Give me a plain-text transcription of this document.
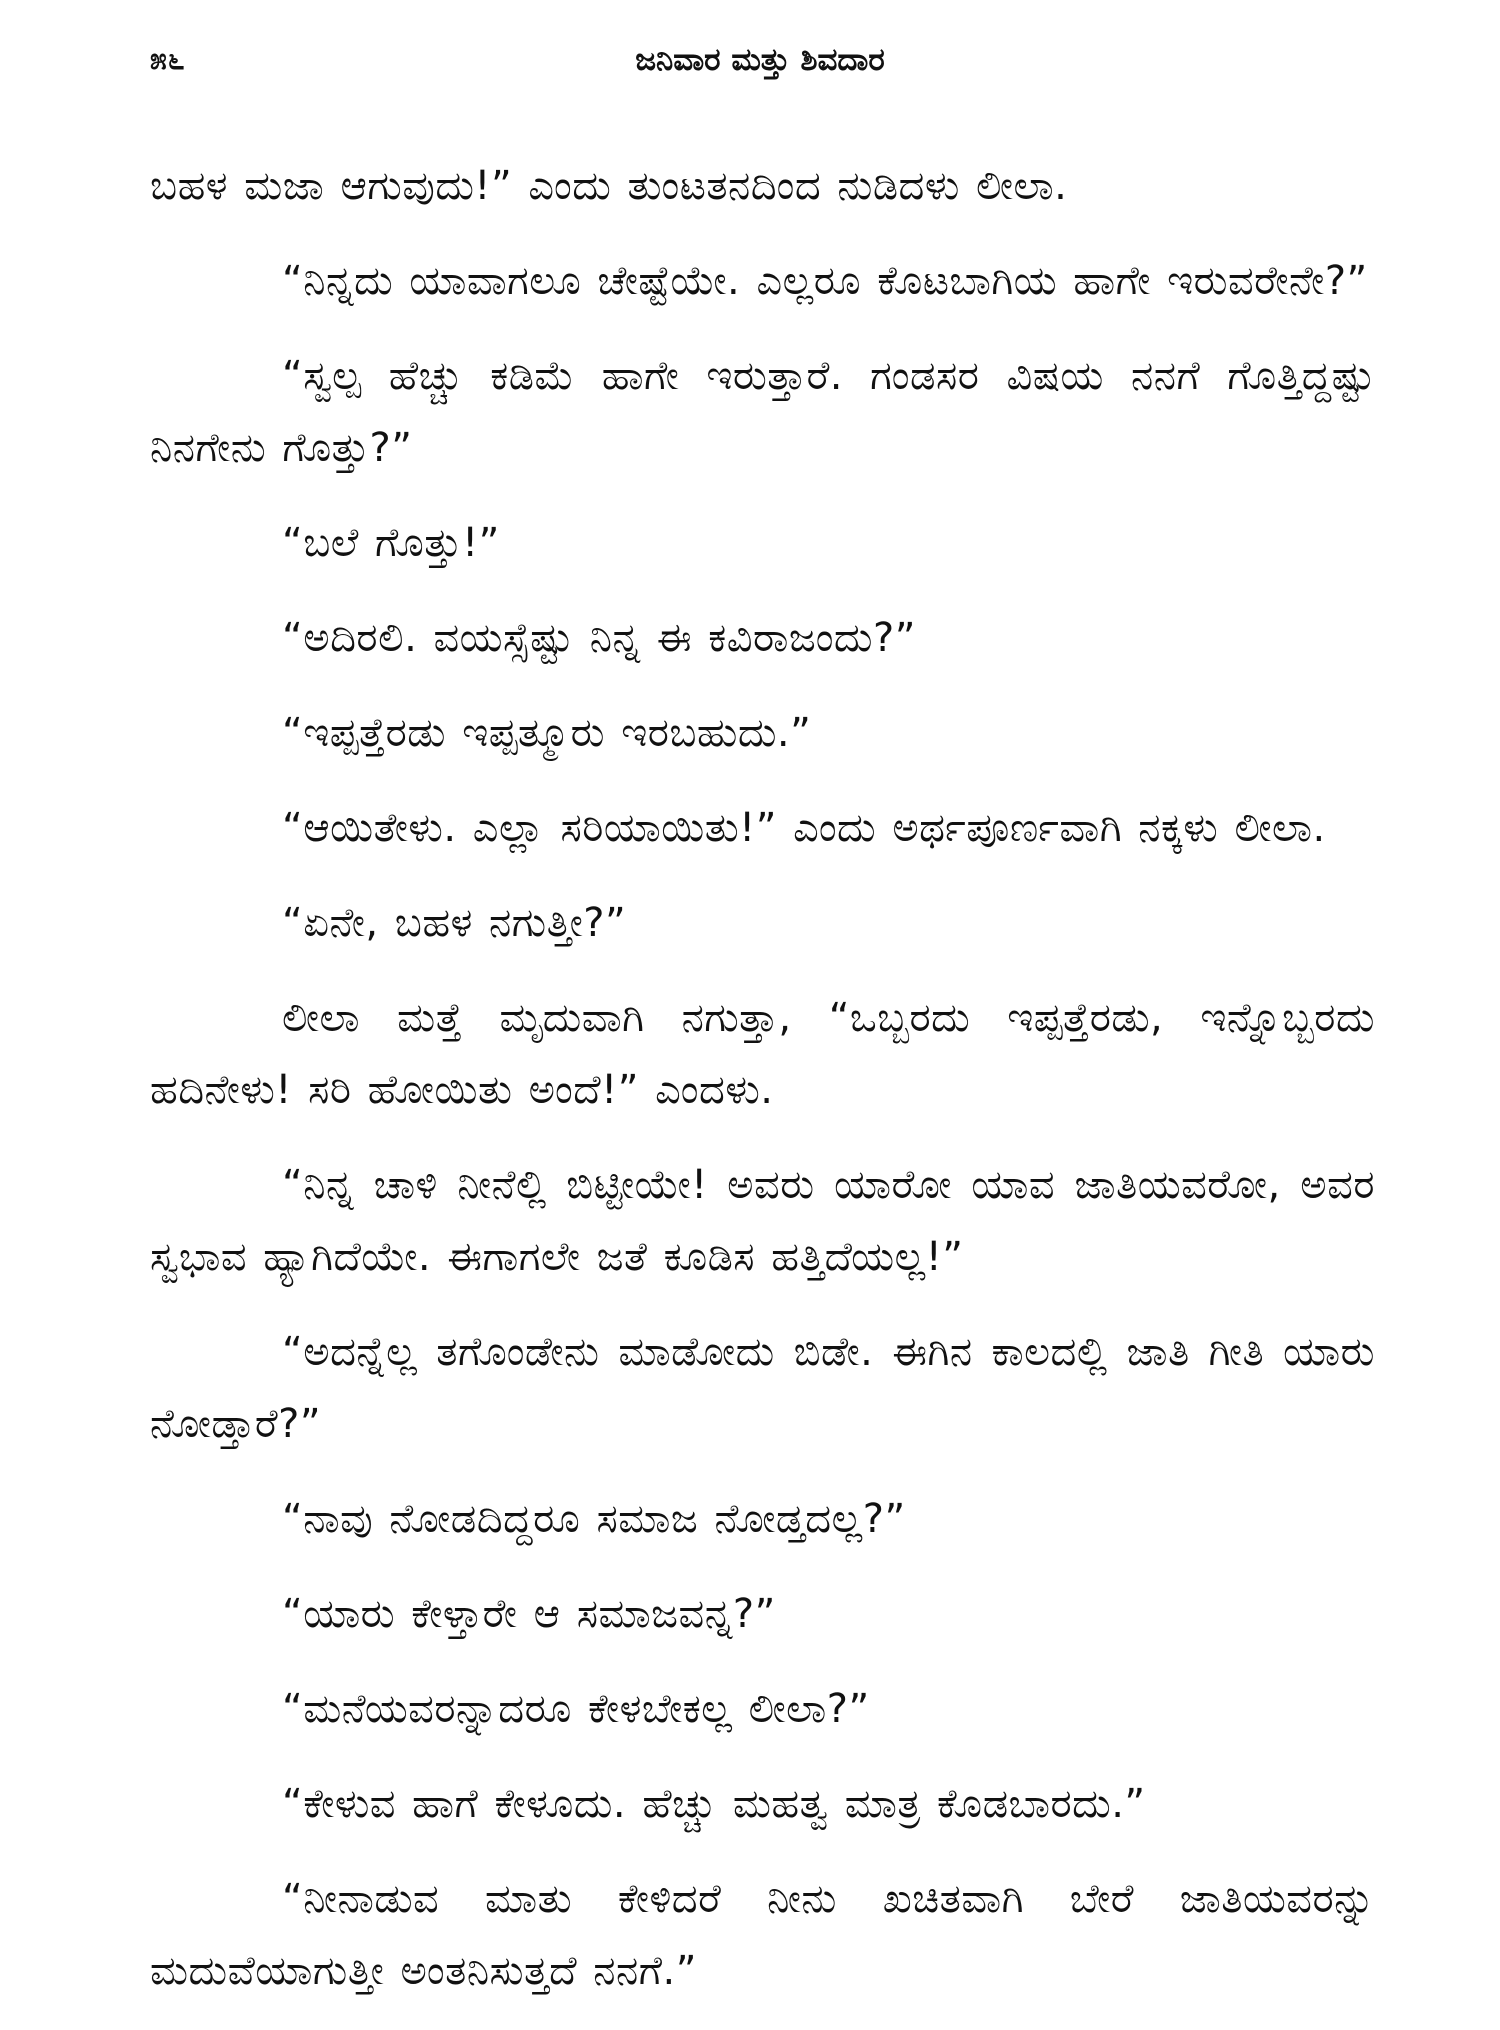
೫೬	ಜನಿವಾರ ಮತ್ತು ಶಿವದಾರ

ಬಹಳ ಮಜಾ ಆಗುವುದು!” ಎಂದು ತುಂಟತನದಿಂದ ನುಡಿದಳು ಲೀಲಾ.

“ನಿನ್ನದು ಯಾವಾಗಲೂ ಚೇಷ್ಟೆಯೇ. ಎಲ್ಲರೂ ಕೊಟಬಾಗಿಯ ಹಾಗೇ ಇರುವರೇನೇ?”

“ಸ್ವಲ್ಪ ಹೆಚ್ಚು ಕಡಿಮೆ ಹಾಗೇ ಇರುತ್ತಾರೆ. ಗಂಡಸರ ವಿಷಯ ನನಗೆ ಗೊತ್ತಿದ್ದಷ್ಟು ನಿನಗೇನು ಗೊತ್ತು?”

“ಬಲೆ ಗೊತ್ತು!”

“ಅದಿರಲಿ. ವಯಸ್ಸೆಷ್ಟು ನಿನ್ನ ಈ ಕವಿರಾಜಂದು?”

“ಇಪ್ಪತ್ತೆರಡು ಇಪ್ಪತ್ಮೂರು ಇರಬಹುದು.”

“ಆಯಿತೇಳು. ಎಲ್ಲಾ ಸರಿಯಾಯಿತು!” ಎಂದು ಅರ್ಥಪೂರ್ಣವಾಗಿ ನಕ್ಕಳು ಲೀಲಾ.

“ಏನೇ, ಬಹಳ ನಗುತ್ತೀ?”

ಲೀಲಾ ಮತ್ತೆ ಮೃದುವಾಗಿ ನಗುತ್ತಾ, “ಒಬ್ಬರದು ಇಪ್ಪತ್ತೆರಡು, ಇನ್ನೊಬ್ಬರದು ಹದಿನೇಳು! ಸರಿ ಹೋಯಿತು ಅಂದೆ!” ಎಂದಳು.

“ನಿನ್ನ ಚಾಳಿ ನೀನೆಲ್ಲಿ ಬಿಟ್ಟೀಯೇ! ಅವರು ಯಾರೋ ಯಾವ ಜಾತಿಯವರೋ, ಅವರ ಸ್ವಭಾವ ಹ್ಯಾಗಿದೆಯೇ. ಈಗಾಗಲೇ ಜತೆ ಕೂಡಿಸ ಹತ್ತಿದೆಯಲ್ಲ!”

“ಅದನ್ನೆಲ್ಲ ತಗೊಂಡೇನು ಮಾಡೋದು ಬಿಡೇ. ಈಗಿನ ಕಾಲದಲ್ಲಿ ಜಾತಿ ಗೀತಿ ಯಾರು ನೋಡ್ತಾರೆ?”

“ನಾವು ನೋಡದಿದ್ದರೂ ಸಮಾಜ ನೋಡ್ತದಲ್ಲ?”

“ಯಾರು ಕೇಳ್ತಾರೇ ಆ ಸಮಾಜವನ್ನ?”

“ಮನೆಯವರನ್ನಾದರೂ ಕೇಳಬೇಕಲ್ಲ ಲೀಲಾ?”

“ಕೇಳುವ ಹಾಗೆ ಕೇಳೂದು. ಹೆಚ್ಚು ಮಹತ್ವ ಮಾತ್ರ ಕೊಡಬಾರದು.”

“ನೀನಾಡುವ ಮಾತು ಕೇಳಿದರೆ ನೀನು ಖಚಿತವಾಗಿ ಬೇರೆ ಜಾತಿಯವರನ್ನು ಮದುವೆಯಾಗುತ್ತೀ ಅಂತನಿಸುತ್ತದೆ ನನಗೆ.”
